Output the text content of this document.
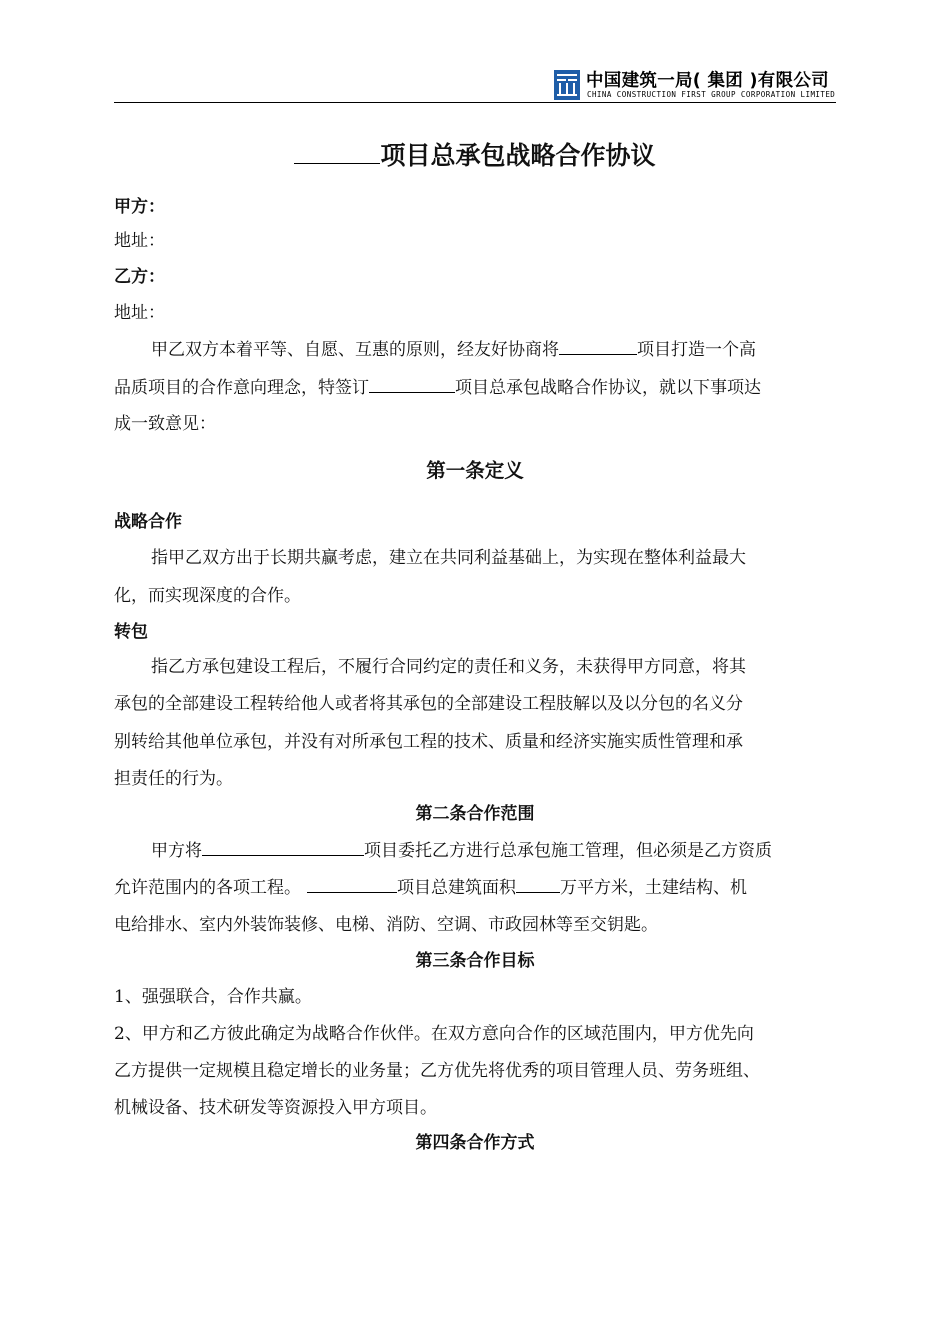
中国建筑一局( 集团 )有限公司
CHINA CONSTRUCTION FIRST GROUP CORPORATION LIMITED
项目总承包战略合作协议
甲方：
地址：
乙方：
地址：
甲乙双方本着平等、自愿、互惠的原则，经友好协商将	项目打造一个高
品质项目的合作意向理念，特签订	项目总承包战略合作协议，就以下事项达
成一致意见：
第一条定义
战略合作
指甲乙双方出于长期共赢考虑，建立在共同利益基础上，为实现在整体利益最大
化，而实现深度的合作。
转包
指乙方承包建设工程后，不履行合同约定的责任和义务，未获得甲方同意，将其
承包的全部建设工程转给他人或者将其承包的全部建设工程肢解以及以分包的名义分
别转给其他单位承包，并没有对所承包工程的技术、质量和经济实施实质性管理和承
担责任的行为。
第二条合作范围
甲方将	项目委托乙方进行总承包施工管理，但必须是乙方资质
允许范围内的各项工程。	项目总建筑面积	万平方米，土建结构、机
电给排水、室内外装饰装修、电梯、消防、空调、市政园林等至交钥匙。
第三条合作目标
1、强强联合，合作共赢。
2、甲方和乙方彼此确定为战略合作伙伴。在双方意向合作的区域范围内，甲方优先向
乙方提供一定规模且稳定增长的业务量；乙方优先将优秀的项目管理人员、劳务班组、
机械设备、技术研发等资源投入甲方项目。
第四条合作方式
